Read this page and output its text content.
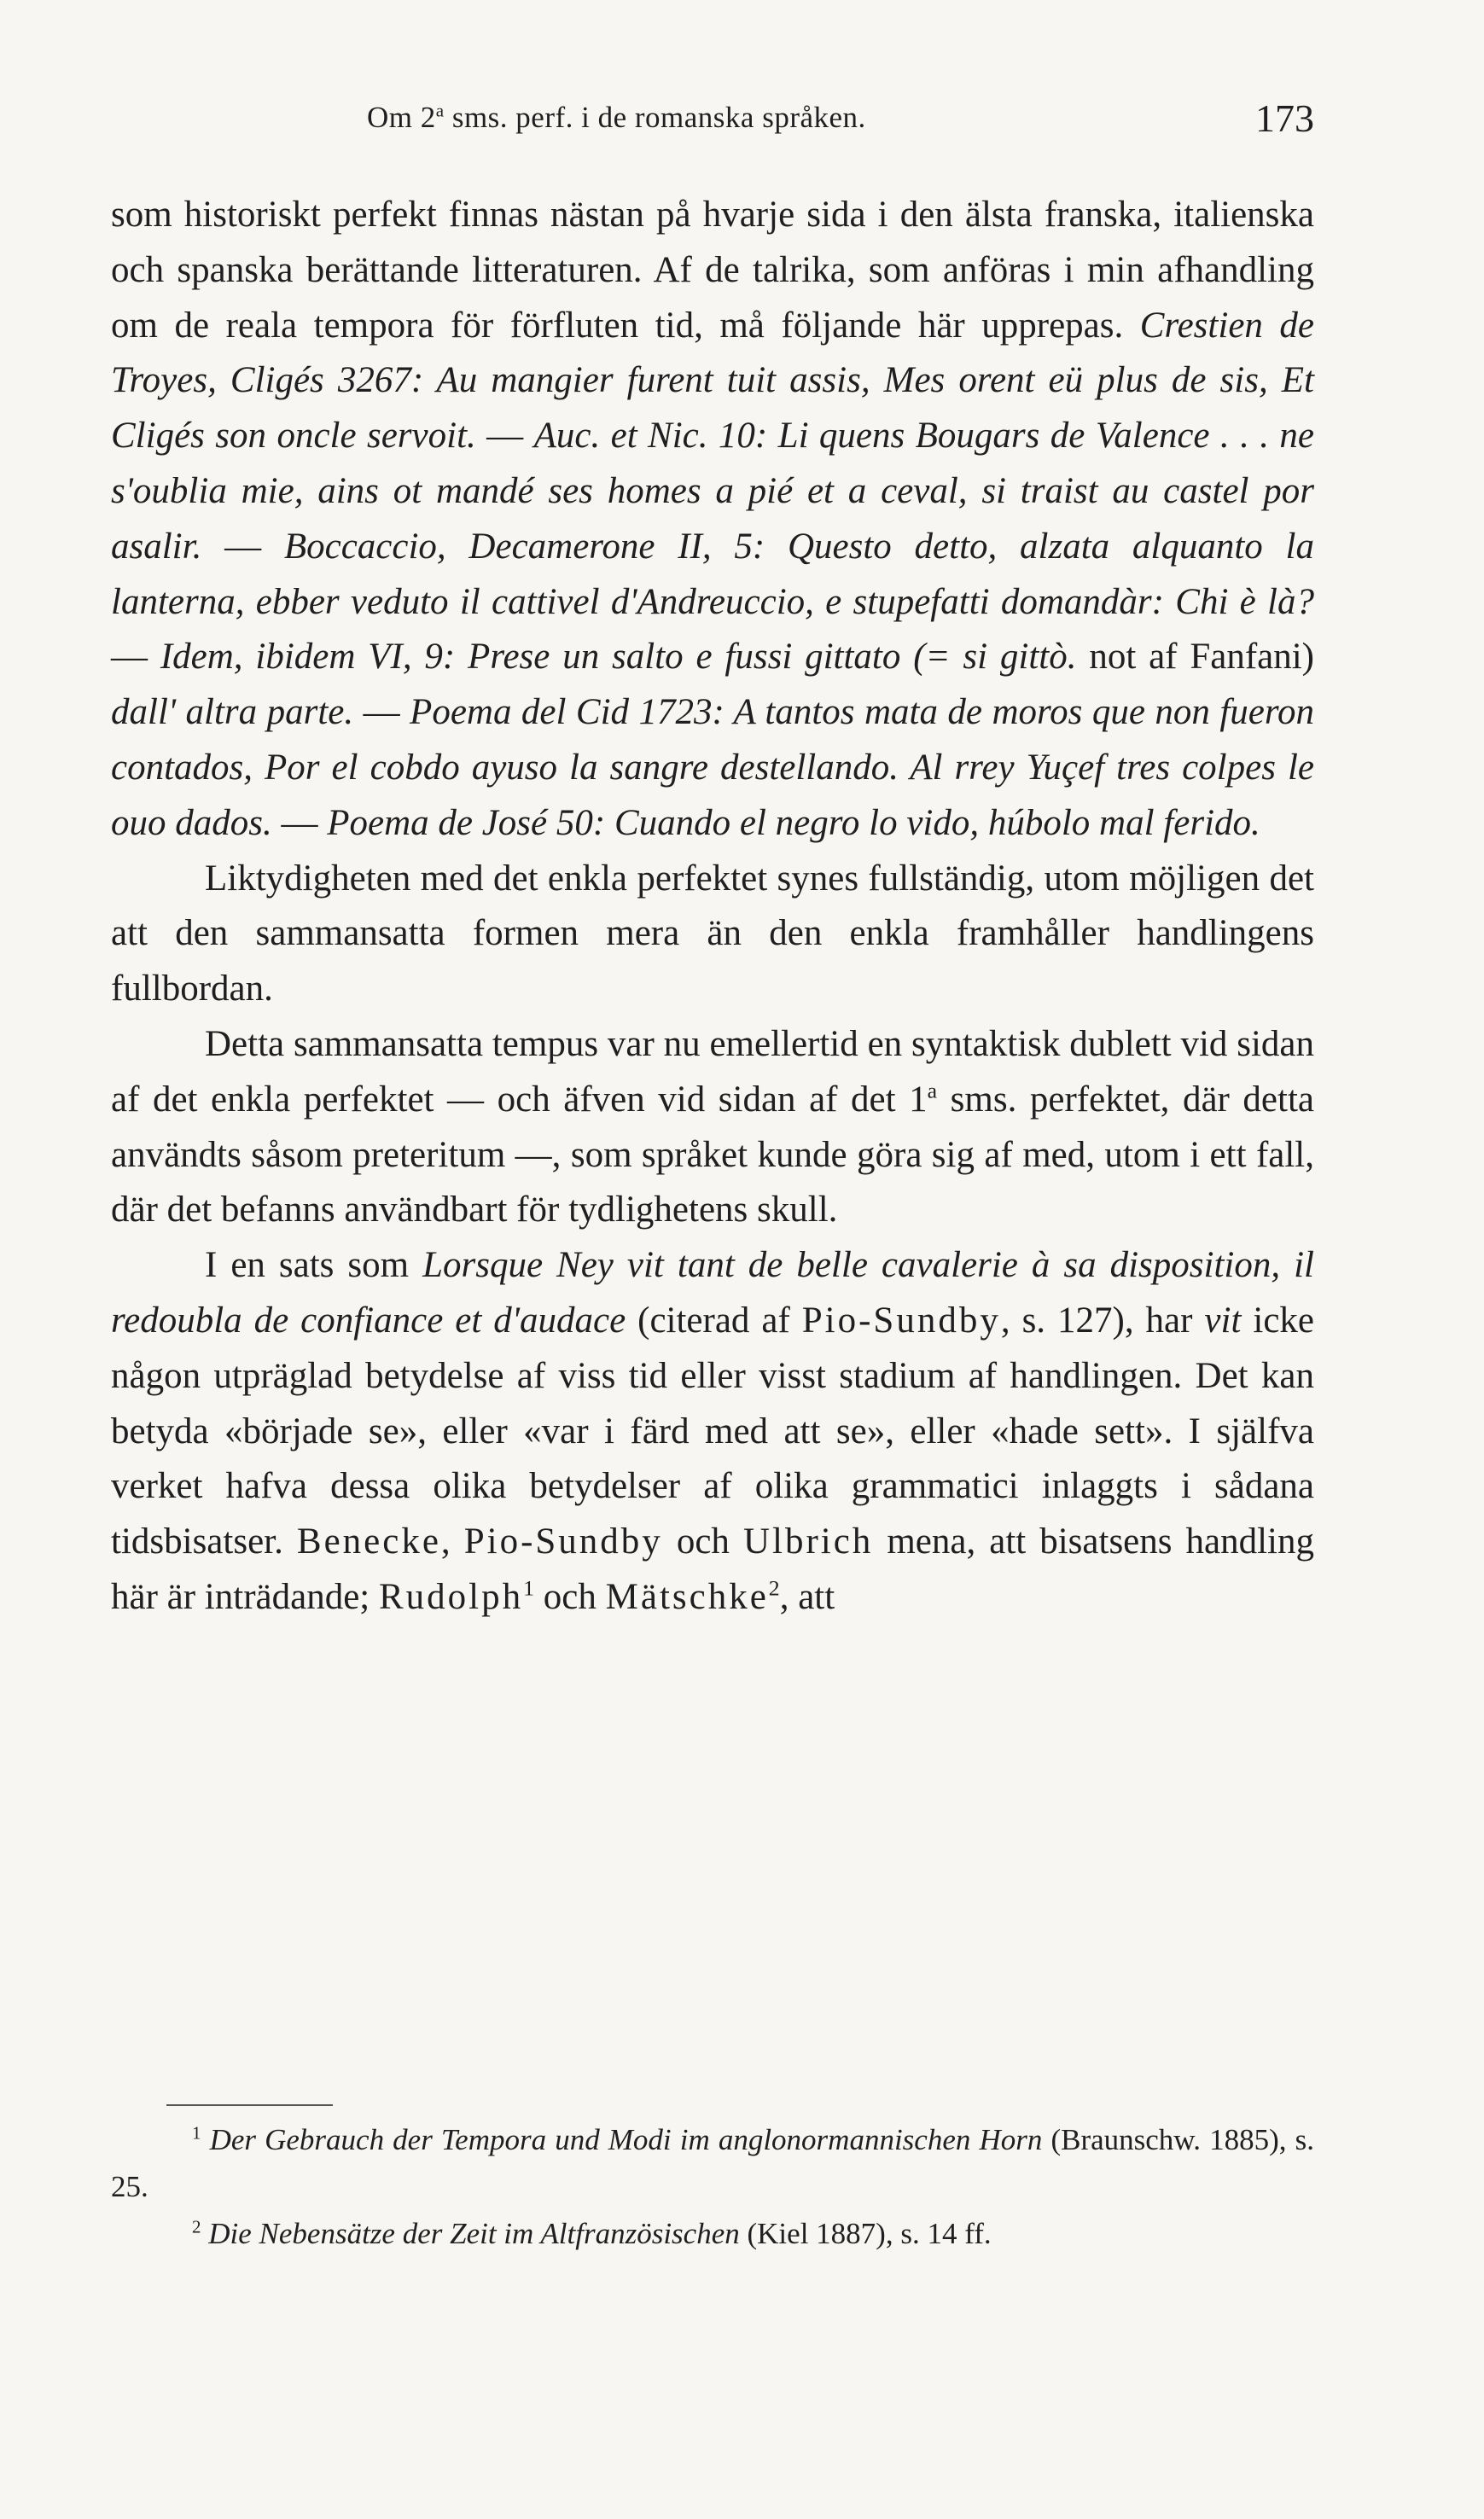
Om 2$^a$ sms. perf. i de romanska språken.	173

som historiskt perfekt finnas nästan på hvarje sida i den älsta franska, italienska och spanska berättande litteraturen. Af de talrika, som anföras i min afhandling om de reala tempora för förfluten tid, må följande här upprepas. Crestien de Troyes, Cligés 3267: Au mangier furent tuit assis, Mes orent eü plus de sis, Et Cligés son oncle servoit. — Auc. et Nic. 10: Li quens Bougars de Valence . . . ne s'oublia mie, ains ot mandé ses homes a pié et a ceval, si traist au castel por asalir. — Boccaccio, Decamerone II, 5: Questo detto, alzata alquanto la lanterna, ebber veduto il cattivel d'Andreuccio, e stupefatti domandàr: Chi è là? — Idem, ibidem VI, 9: Prese un salto e fussi gittato (= si gittò. not af Fanfani) dall' altra parte. — Poema del Cid 1723: A tantos mata de moros que non fueron contados, Por el cobdo ayuso la sangre destellando. Al rrey Yuçef tres colpes le ouo dados. — Poema de José 50: Cuando el negro lo vido, húbolo mal ferido.

Liktydigheten med det enkla perfektet synes fullständig, utom möjligen det att den sammansatta formen mera än den enkla framhåller handlingens fullbordan.

Detta sammansatta tempus var nu emellertid en syntaktisk dublett vid sidan af det enkla perfektet — och äfven vid sidan af det 1$^a$ sms. perfektet, där detta användts såsom preteritum —, som språket kunde göra sig af med, utom i ett fall, där det befanns användbart för tydlighetens skull.

I en sats som Lorsque Ney vit tant de belle cavalerie à sa disposition, il redoubla de confiance et d'audace (citerad af Pio-Sundby, s. 127), har vit icke någon utpräglad betydelse af viss tid eller visst stadium af handlingen. Det kan betyda «började se», eller «var i färd med att se», eller «hade sett». I själfva verket hafva dessa olika betydelser af olika grammatici inlaggts i sådana tidsbisatser. Benecke, Pio-Sundby och Ulbrich mena, att bisatsens handling här är inträdande; Rudolph$^1$ och Mätschke$^2$, att

$^1$ Der Gebrauch der Tempora und Modi im anglonormannischen Horn (Braunschw. 1885), s. 25.

$^2$ Die Nebensätze der Zeit im Altfranzösischen (Kiel 1887), s. 14 ff.
